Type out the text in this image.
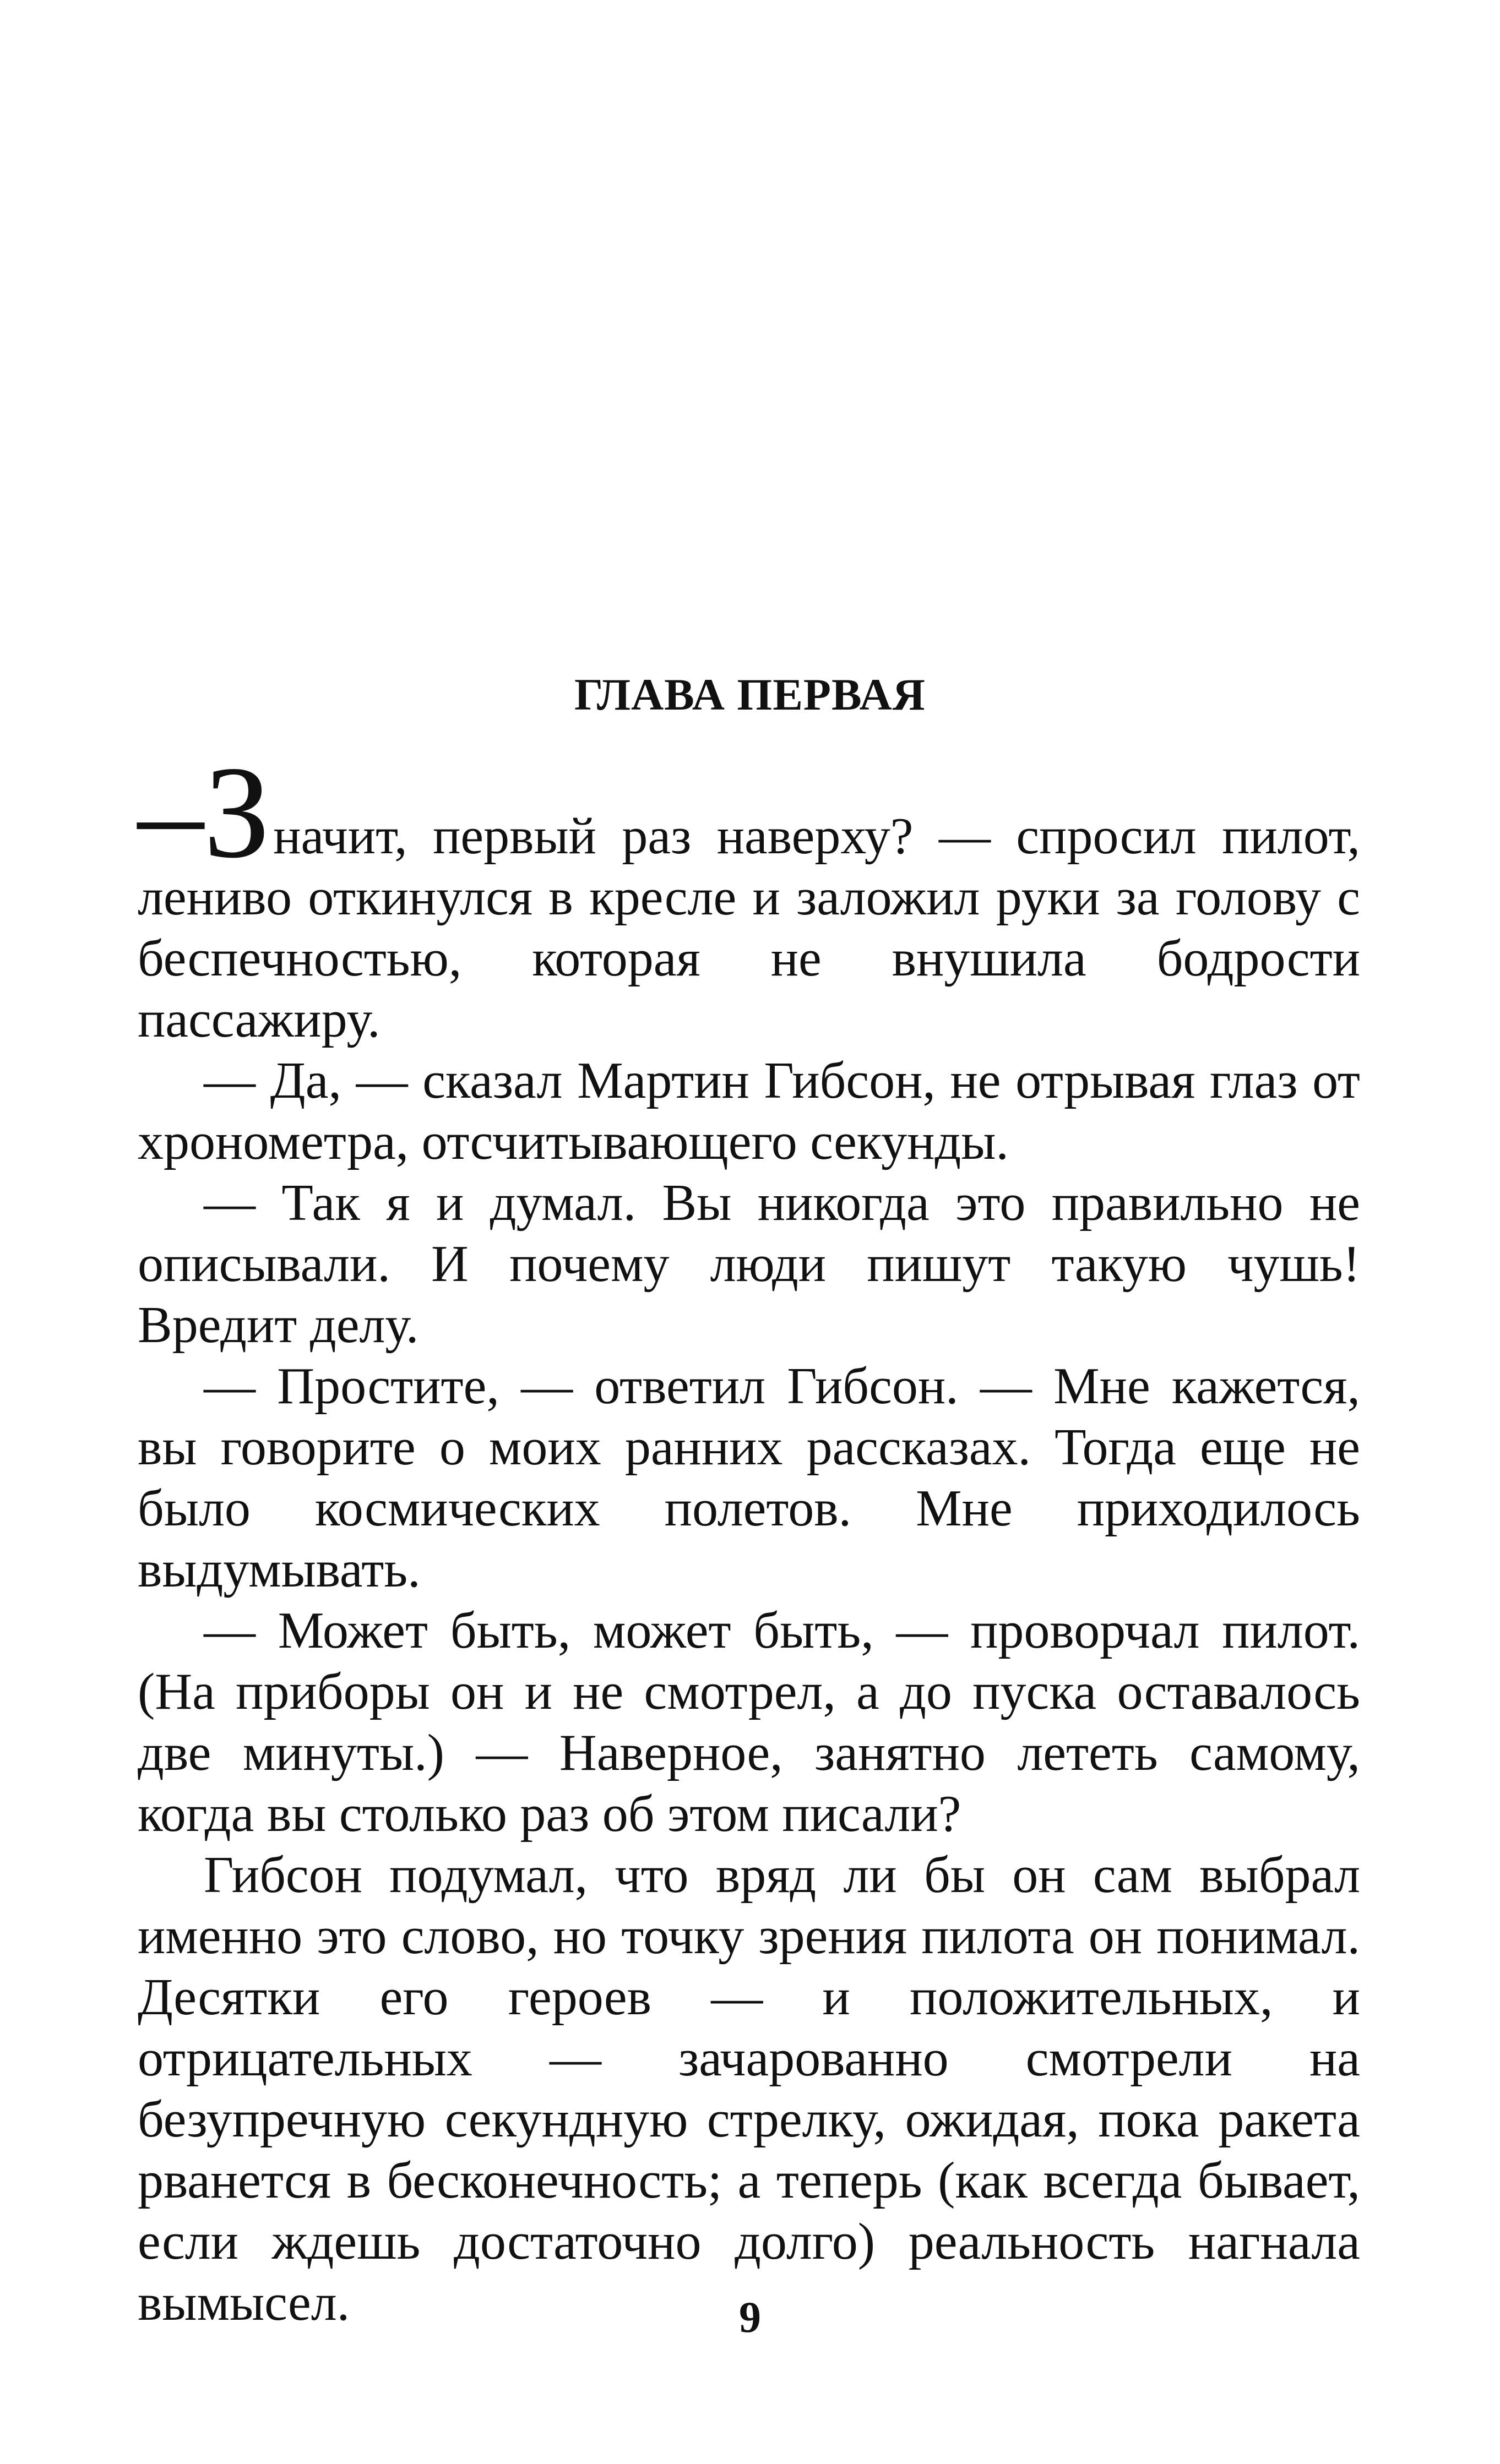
ГЛАВА ПЕРВАЯ

–Значит, первый раз наверху? — спросил пилот, лениво откинулся в кресле и заложил руки за голову с беспечностью, которая не внушила бодрости пассажиру.

— Да, — сказал Мартин Гибсон, не отрывая глаз от хронометра, отсчитывающего секунды.

— Так я и думал. Вы никогда это правильно не описывали. И почему люди пишут такую чушь! Вредит делу.

— Простите, — ответил Гибсон. — Мне кажется, вы говорите о моих ранних рассказах. Тогда еще не было космических полетов. Мне приходилось выдумывать.

— Может быть, может быть, — проворчал пилот. (На приборы он и не смотрел, а до пуска оставалось две минуты.) — Наверное, занятно лететь самому, когда вы столько раз об этом писали?

Гибсон подумал, что вряд ли бы он сам выбрал именно это слово, но точку зрения пилота он понимал. Десятки его героев — и положительных, и отрицательных — зачарованно смотрели на безупречную секундную стрелку, ожидая, пока ракета рванется в бесконечность; а теперь (как всегда бывает, если ждешь достаточно долго) реальность нагнала вымысел.	9
